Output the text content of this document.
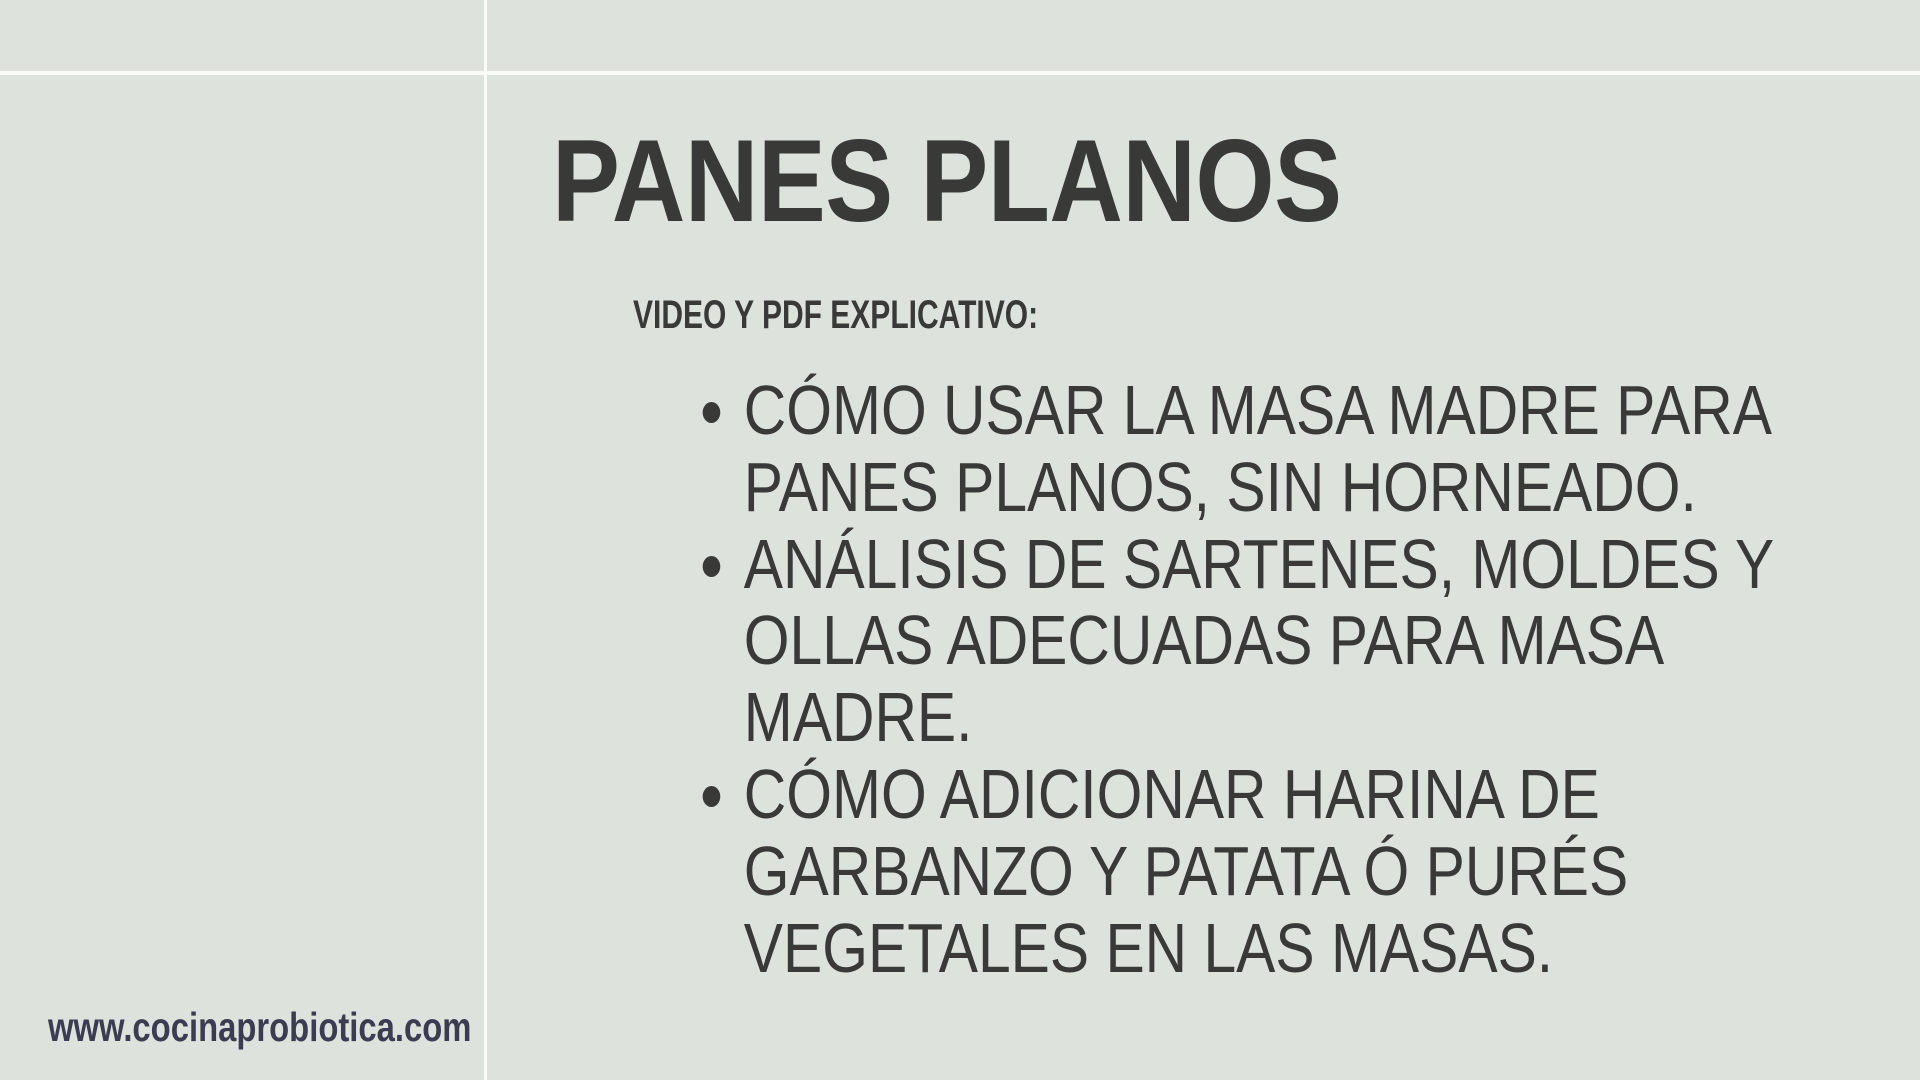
PANES PLANOS
VIDEO Y PDF EXPLICATIVO:
• CÓMO USAR LA MASA MADRE PARA PANES PLANOS, SIN HORNEADO.
• ANÁLISIS DE SARTENES, MOLDES Y OLLAS ADECUADAS PARA MASA MADRE.
• CÓMO ADICIONAR HARINA DE GARBANZO Y PATATA Ó PURÉS VEGETALES EN LAS MASAS.
www.cocinaprobiotica.com
